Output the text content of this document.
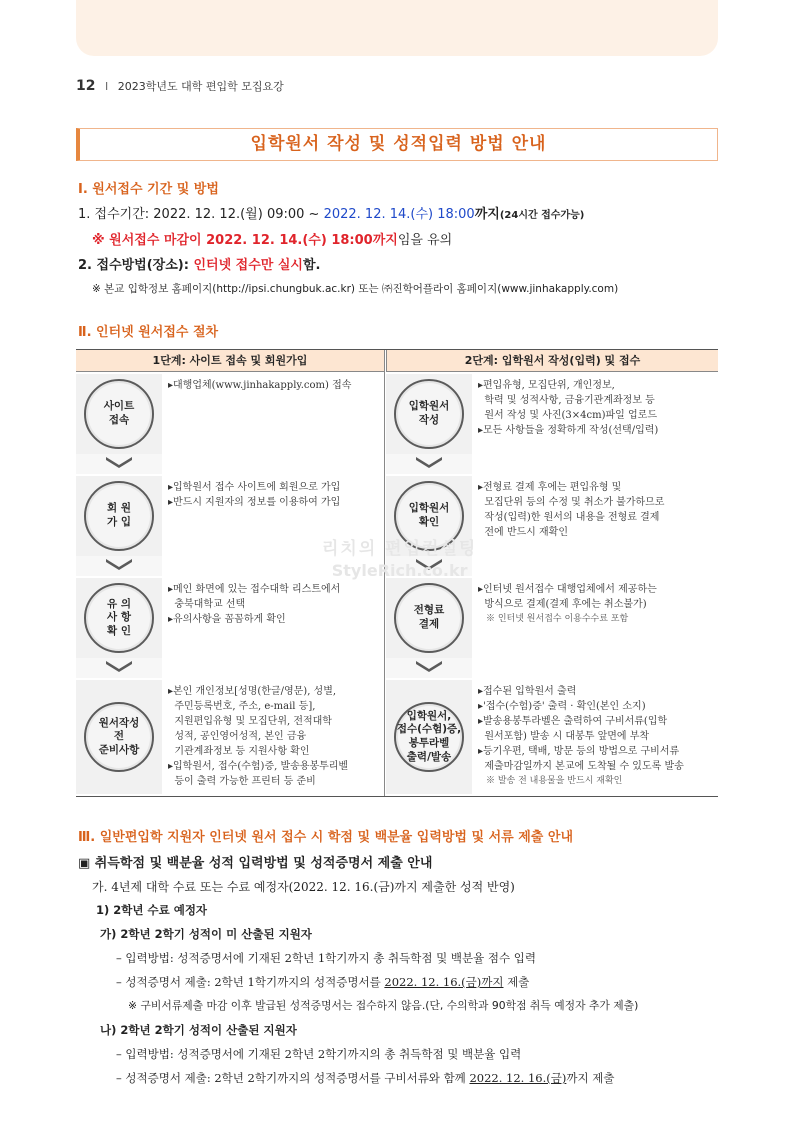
12 I 2023학년도 대학 편입학 모집요강
입학원서 작성 및 성적입력 방법 안내
Ⅰ. 원서접수 기간 및 방법
1. 접수기간: 2022. 12. 12.(월) 09:00 ~ 2022. 12. 14.(수) 18:00까지(24시간 접수가능)
※ 원서접수 마감이 2022. 12. 14.(수) 18:00까지임을 유의
2. 접수방법(장소): 인터넷 접수만 실시함.
※ 본교 입학정보 홈페이지(http://ipsi.chungbuk.ac.kr) 또는 ㈜진학어플라이 홈페이지(www.jinhakapply.com)
Ⅱ. 인터넷 원서접수 절차
1단계: 사이트 접속 및 회원가입	2단계: 입학원서 작성(입력) 및 접수
사이트
접속
▸대행업체(www.jinhakapply.com) 접속
회 원
가 입
▸입학원서 접수 사이트에 회원으로 가입
▸반드시 지원자의 정보를 이용하여 가입
유 의
사 항
확 인
▸메인 화면에 있는 접수대학 리스트에서
충북대학교 선택
▸유의사항을 꼼꼼하게 확인
원서작성
전
준비사항
▸본인 개인정보[성명(한글/영문), 성별,
주민등록번호, 주소, e-mail 등],
지원편입유형 및 모집단위, 전적대학
성적, 공인영어성적, 본인 금융
기관계좌정보 등 지원사항 확인
▸입학원서, 접수(수험)증, 발송용봉투리벨
등이 출력 가능한 프린터 등 준비
입학원서
작성
▸편입유형, 모집단위, 개인정보,
학력 및 성적사항, 금융기관계좌정보 등
원서 작성 및 사진(3×4cm)파일 업로드
▸모든 사항들을 정확하게 작성(선택/입력)
입학원서
확인
▸전형료 결제 후에는 편입유형 및
모집단위 등의 수정 및 취소가 불가하므로
작성(입력)한 원서의 내용을 전형료 결제
전에 반드시 재확인
전형료
결제
▸인터넷 원서접수 대행업체에서 제공하는
방식으로 결제(결제 후에는 취소불가)
※ 인터넷 원서접수 이용수수료 포함
입학원서,
접수(수험)증,
봉투라벨
출력/발송
▸접수된 입학원서 출력
▸'접수(수험)증' 출력 · 확인(본인 소지)
▸발송용봉투라벨은 출력하여 구비서류(입학
원서포함) 발송 시 대봉투 앞면에 부착
▸등기우편, 택배, 방문 등의 방법으로 구비서류
제출마감일까지 본교에 도착될 수 있도록 발송
※ 발송 전 내용물을 반드시 재확인
리치의 편입컨설팅
StyleRich.co.kr
Ⅲ. 일반편입학 지원자 인터넷 원서 접수 시 학점 및 백분율 입력방법 및 서류 제출 안내
▣ 취득학점 및 백분율 성적 입력방법 및 성적증명서 제출 안내
가. 4년제 대학 수료 또는 수료 예정자(2022. 12. 16.(금)까지 제출한 성적 반영)
1) 2학년 수료 예정자
가) 2학년 2학기 성적이 미 산출된 지원자
– 입력방법: 성적증명서에 기재된 2학년 1학기까지 총 취득학점 및 백분율 점수 입력
– 성적증명서 제출: 2학년 1학기까지의 성적증명서를 2022. 12. 16.(금)까지 제출
※ 구비서류제출 마감 이후 발급된 성적증명서는 접수하지 않음.(단, 수의학과 90학점 취득 예정자 추가 제출)
나) 2학년 2학기 성적이 산출된 지원자
– 입력방법: 성적증명서에 기재된 2학년 2학기까지의 총 취득학점 및 백분율 입력
– 성적증명서 제출: 2학년 2학기까지의 성적증명서를 구비서류와 함께 2022. 12. 16.(금)까지 제출
